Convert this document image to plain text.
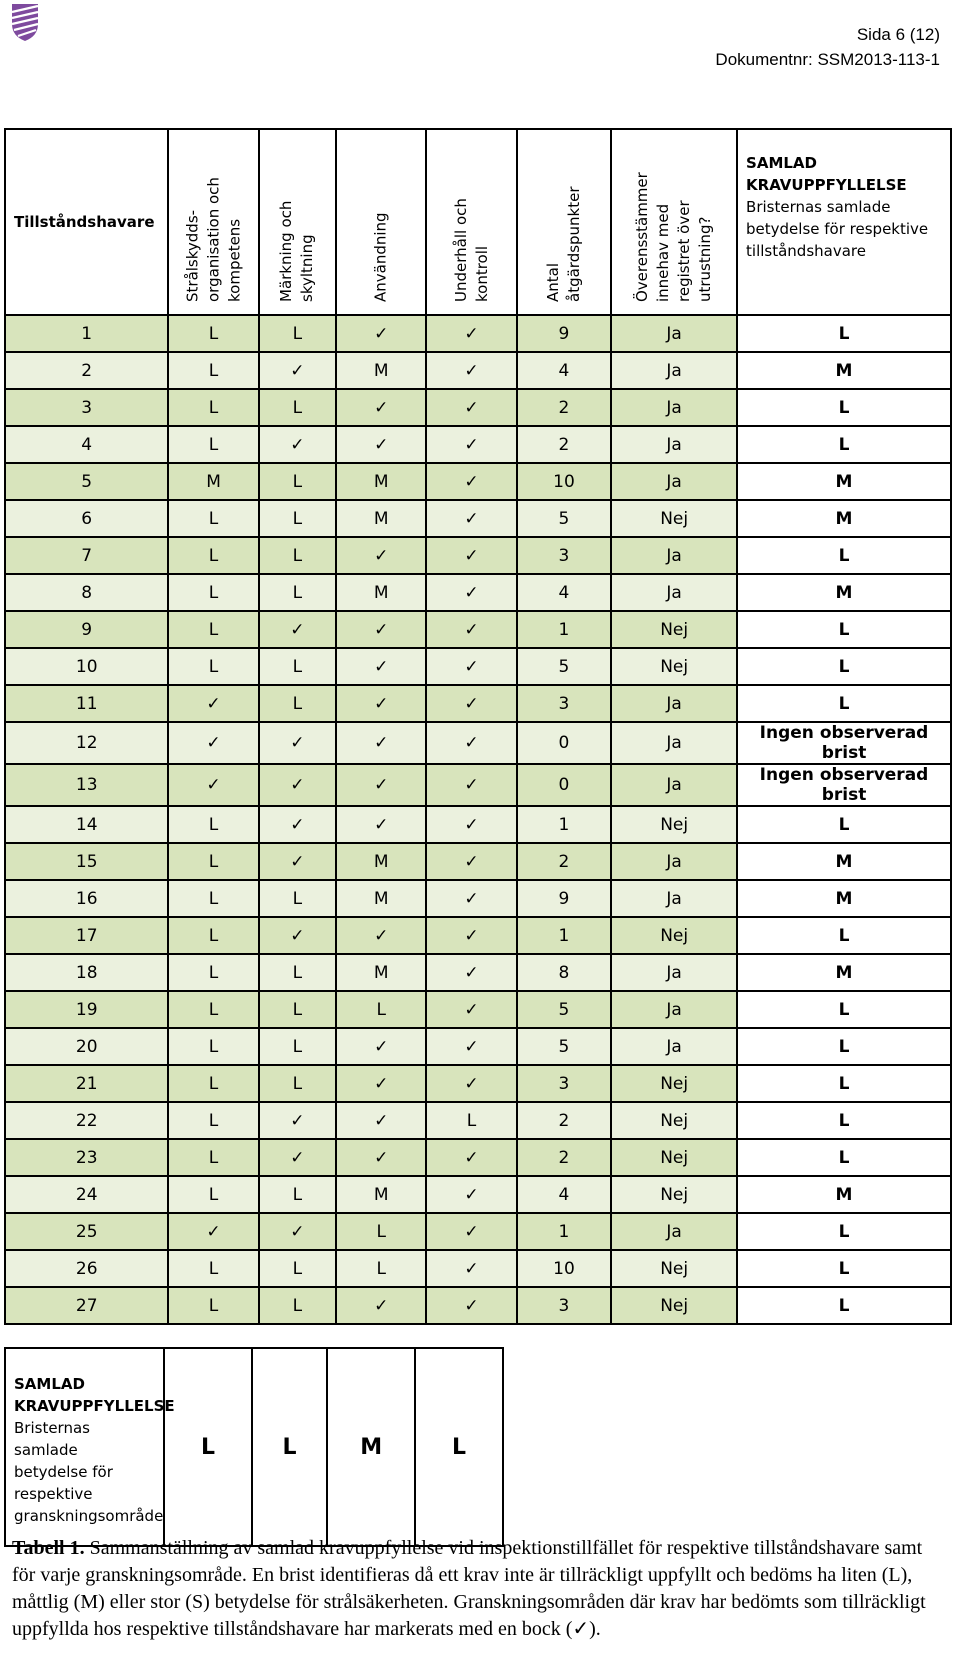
Sida 6 (12)
Dokumentnr: SSM2013-113-1
Tillståndshavare	Strålskydds-organisation och kompetens	Märkning och skyltning	Användning	Underhåll och kontroll	Antal åtgärdspunkter	Överensstämmer innehav med registret över utrustning?	SAMLAD KRAVUPPFYLLELSE
Bristernas samlade betydelse för respektive tillståndshavare
1	L	L	✓	✓	9	Ja	L
2	L	✓	M	✓	4	Ja	M
3	L	L	✓	✓	2	Ja	L
4	L	✓	✓	✓	2	Ja	L
5	M	L	M	✓	10	Ja	M
6	L	L	M	✓	5	Nej	M
7	L	L	✓	✓	3	Ja	L
8	L	L	M	✓	4	Ja	M
9	L	✓	✓	✓	1	Nej	L
10	L	L	✓	✓	5	Nej	L
11	✓	L	✓	✓	3	Ja	L
12	✓	✓	✓	✓	0	Ja	Ingen observerad brist
13	✓	✓	✓	✓	0	Ja	Ingen observerad brist
14	L	✓	✓	✓	1	Nej	L
15	L	✓	M	✓	2	Ja	M
16	L	L	M	✓	9	Ja	M
17	L	✓	✓	✓	1	Nej	L
18	L	L	M	✓	8	Ja	M
19	L	L	L	✓	5	Ja	L
20	L	L	✓	✓	5	Ja	L
21	L	L	✓	✓	3	Nej	L
22	L	✓	✓	L	2	Nej	L
23	L	✓	✓	✓	2	Nej	L
24	L	L	M	✓	4	Nej	M
25	✓	✓	L	✓	1	Ja	L
26	L	L	L	✓	10	Nej	L
27	L	L	✓	✓	3	Nej	L
SAMLAD KRAVUPPFYLLELSE
Bristernas samlade betydelse för respektive granskningsområde	L	L	M	L
Tabell 1. Sammanställning av samlad kravuppfyllelse vid inspektionstillfället för respektive tillståndshavare samt för varje granskningsområde. En brist identifieras då ett krav inte är tillräckligt uppfyllt och bedöms ha liten (L), måttlig (M) eller stor (S) betydelse för strålsäkerheten. Granskningsområden där krav har bedömts som tillräckligt uppfyllda hos respektive tillståndshavare har markerats med en bock (✓).
